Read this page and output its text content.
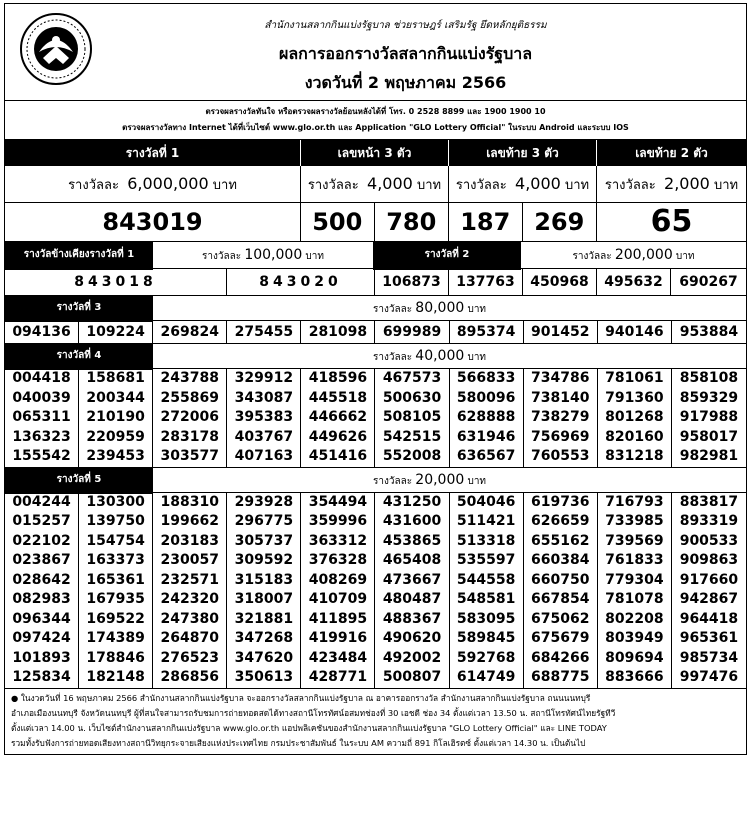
สำนักงานสลากกินแบ่งรัฐบาล ช่วยราษฎร์ เสริมรัฐ ยึดหลักยุติธรรม
ผลการออกรางวัลสลากกินแบ่งรัฐบาล
งวดวันที่ 2 พฤษภาคม 2566
ตรวจผลรางวัลทันใจ หรือตรวจผลรางวัลย้อนหลังได้ที่ โทร. 0 2528 8899 และ 1900 1900 10
ตรวจผลรางวัลทาง Internet ได้ที่เว็บไซต์ www.glo.or.th และ Application "GLO Lottery Official" ในระบบ Android และระบบ IOS
รางวัลที่ 1	เลขหน้า 3 ตัว	เลขท้าย 3 ตัว	เลขท้าย 2 ตัว
รางวัลละ 6,000,000 บาท	รางวัลละ 4,000 บาท	รางวัลละ 4,000 บาท	รางวัลละ 2,000 บาท
843019	500 780 187 269	65
รางวัลข้างเคียงรางวัลที่ 1	รางวัลละ 100,000 บาท	รางวัลที่ 2	รางวัลละ 200,000 บาท
843018	843020	106873	137763	450968	495632	690267
รางวัลที่ 3	รางวัลละ 80,000 บาท
094136	109224	269824	275455	281098	699989	895374	901452	940146	953884
รางวัลที่ 4	รางวัลละ 40,000 บาท
004418	158681	243788	329912	418596	467573	566833	734786	781061	858108
040039	200344	255869	343087	445518	500630	580096	738140	791360	859329
065311	210190	272006	395383	446662	508105	628888	738279	801268	917988
136323	220959	283178	403767	449626	542515	631946	756969	820160	958017
155542	239453	303577	407163	451416	552008	636567	760553	831218	982981
รางวัลที่ 5	รางวัลละ 20,000 บาท
004244	130300	188310	293928	354494	431250	504046	619736	716793	883817
015257	139750	199662	296775	359996	431600	511421	626659	733985	893319
022102	154754	203183	305737	363312	453865	513318	655162	739569	900533
023867	163373	230057	309592	376328	465408	535597	660384	761833	909863
028642	165361	232571	315183	408269	473667	544558	660750	779304	917660
082983	167935	242320	318007	410709	480487	548581	667854	781078	942867
096344	169522	247380	321881	411895	488367	583095	675062	802208	964418
097424	174389	264870	347268	419916	490620	589845	675679	803949	965361
101893	178846	276523	347620	423484	492002	592768	684266	809694	985734
125834	182148	286856	350613	428771	500807	614749	688775	883666	997476
● ในงวดวันที่ 16 พฤษภาคม 2566 สำนักงานสลากกินแบ่งรัฐบาล จะออกรางวัลสลากกินแบ่งรัฐบาล ณ อาคารออกรางวัล สำนักงานสลากกินแบ่งรัฐบาล ถนนนนทบุรี
อำเภอเมืองนนทบุรี จังหวัดนนทบุรี ผู้ที่สนใจสามารถรับชมการถ่ายทอดสดได้ทางสถานีโทรทัศน์อสมทช่องที่ 30 เอชดี ช่อง 34 ตั้งแต่เวลา 13.50 น. สถานีโทรทัศน์ไทยรัฐทีวี
ตั้งแต่เวลา 14.00 น. เว็บไซต์สำนักงานสลากกินแบ่งรัฐบาล www.glo.or.th แอปพลิเคชันของสำนักงานสลากกินแบ่งรัฐบาล "GLO Lottery Official" และ LINE TODAY
รวมทั้งรับฟังการถ่ายทอดเสียงทางสถานีวิทยุกระจายเสียงแห่งประเทศไทย กรมประชาสัมพันธ์ ในระบบ AM ความถี่ 891 กิโลเฮิรตซ์ ตั้งแต่เวลา 14.30 น. เป็นต้นไป
